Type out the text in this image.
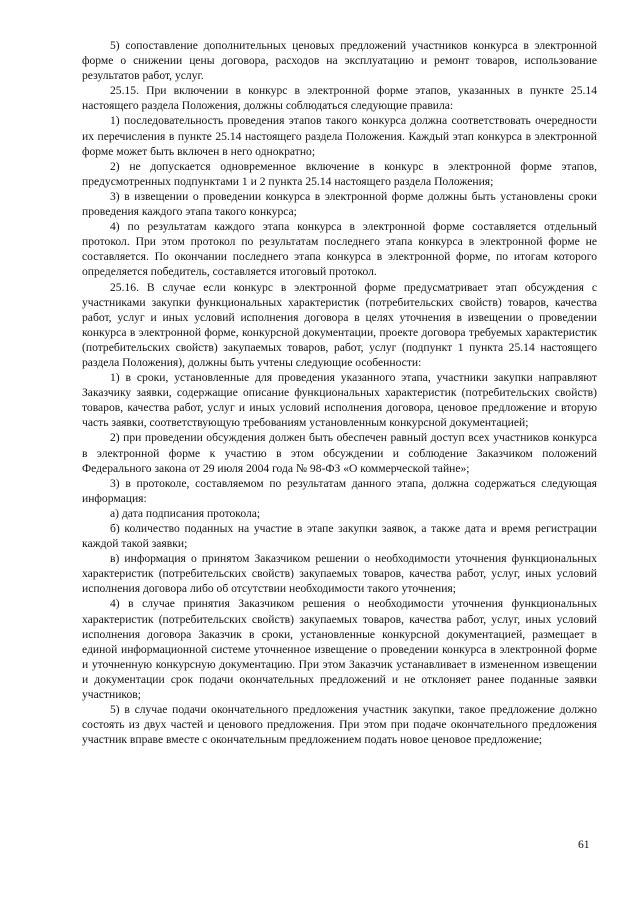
5) сопоставление дополнительных ценовых предложений участников конкурса в электронной форме о снижении цены договора, расходов на эксплуатацию и ремонт товаров, использование результатов работ, услуг.

25.15. При включении в конкурс в электронной форме этапов, указанных в пункте 25.14 настоящего раздела Положения, должны соблюдаться следующие правила:

1) последовательность проведения этапов такого конкурса должна соответствовать очередности их перечисления в пункте 25.14 настоящего раздела Положения. Каждый этап конкурса в электронной форме может быть включен в него однократно;

2) не допускается одновременное включение в конкурс в электронной форме этапов, предусмотренных подпунктами 1 и 2 пункта 25.14 настоящего раздела Положения;

3) в извещении о проведении конкурса в электронной форме должны быть установлены сроки проведения каждого этапа такого конкурса;

4) по результатам каждого этапа конкурса в электронной форме составляется отдельный протокол. При этом протокол по результатам последнего этапа конкурса в электронной форме не составляется. По окончании последнего этапа конкурса в электронной форме, по итогам которого определяется победитель, составляется итоговый протокол.

25.16. В случае если конкурс в электронной форме предусматривает этап обсуждения с участниками закупки функциональных характеристик (потребительских свойств) товаров, качества работ, услуг и иных условий исполнения договора в целях уточнения в извещении о проведении конкурса в электронной форме, конкурсной документации, проекте договора требуемых характеристик (потребительских свойств) закупаемых товаров, работ, услуг (подпункт 1 пункта 25.14 настоящего раздела Положения), должны быть учтены следующие особенности:

1) в сроки, установленные для проведения указанного этапа, участники закупки направляют Заказчику заявки, содержащие описание функциональных характеристик (потребительских свойств) товаров, качества работ, услуг и иных условий исполнения договора, ценовое предложение и вторую часть заявки, соответствующую требованиям установленным конкурсной документацией;

2) при проведении обсуждения должен быть обеспечен равный доступ всех участников конкурса в электронной форме к участию в этом обсуждении и соблюдение Заказчиком положений Федерального закона от 29 июля 2004 года № 98-ФЗ «О коммерческой тайне»;

3) в протоколе, составляемом по результатам данного этапа, должна содержаться следующая информация:

а) дата подписания протокола;

б) количество поданных на участие в этапе закупки заявок, а также дата и время регистрации каждой такой заявки;

в) информация о принятом Заказчиком решении о необходимости уточнения функциональных характеристик (потребительских свойств) закупаемых товаров, качества работ, услуг, иных условий исполнения договора либо об отсутствии необходимости такого уточнения;

4) в случае принятия Заказчиком решения о необходимости уточнения функциональных характеристик (потребительских свойств) закупаемых товаров, качества работ, услуг, иных условий исполнения договора Заказчик в сроки, установленные конкурсной документацией, размещает в единой информационной системе уточненное извещение о проведении конкурса в электронной форме и уточненную конкурсную документацию. При этом Заказчик устанавливает в измененном извещении и документации срок подачи окончательных предложений и не отклоняет ранее поданные заявки участников;

5) в случае подачи окончательного предложения участник закупки, такое предложение должно состоять из двух частей и ценового предложения. При этом при подаче окончательного предложения участник вправе вместе с окончательным предложением подать новое ценовое предложение;

61
